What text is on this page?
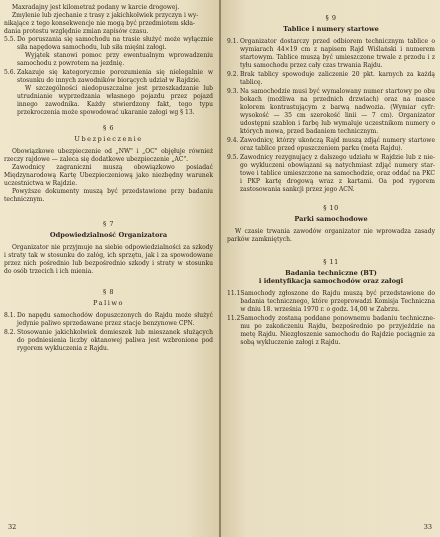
Maxradajny jest kilometraż podany w karcie drogowej.

Zmylenie lub zjechanie z trasy z jakichkolwiek przyczyn i wy-

nikające z tego konsekwencje nie mogą być przedmiotem skła-

dania protestu względnie zmian zapisów czasu.

5.5. Do poruszania się samochodu na trasie służyć może wyłącznie siła napędowa samochodu, lub siła mięśni załogi.

Wyjątek stanowi pomoc przy ewentualnym wprowadzeniu samochodu z powrotem na jezdnię.

5.6. Zakazuje się kategorycznie porozumienia się nielegalnie w stosunku do innych zawodników biorących udział w Rajdzie.

W szczególności niedopuszczalne jest przeszkadzanie lub utrudnianie wyprzedzania własnego pojazdu przez pojazd innego zawodnika. Każdy stwierdzony fakt, tego typu przekroczenia może spowodować ukaranie załogi wg § 13.

§ 6
Ubezpieczenie

Obowiązkowe ubezpieczenie od „NW" i „OC" objęłuje również rzeczy rajdowe — zaleca się dodatkowe ubezpieczenie „AC".

Zawodnicy zagraniczni muszą obowiązkowo posiadać Międzynarodową Kartę Ubezpieczeniową jako niezbędny warunek uczestnictwa w Rajdzie.

Powyższe dokumenty muszą być przedstawione przy badaniu technicznym.

§ 7
Odpowiedzialność Organizatora

Organizator nie przyjmuje na siebie odpowiedzialności za szkody i straty tak w stosunku do załóg, ich sprzętu, jak i za spowodowane przez nich pośrednio lub bezpośrednio szkody i straty w stosunku do osób trzecich i ich mienia.

§ 8
Paliwo
8.1. Do napędu samochodów dopuszczonych do Rajdu może służyć jedynie paliwo sprzedawane przez stacje benzynowe CPN.
8.2. Stosowanie jakichkolwiek domieszek lub mieszanek służących do podniesienia liczby oktanowej paliwa jest wzbronione pod rygorem wykluczenia z Rajdu.
32
§ 9
Tablice i numery startowe
9.1. Organizator dostarczy przed odbiorem technicznym tablice o wymiarach 44×19 cm z napisem Rajd Wiślański i numerem startowym. Tablice muszą być umieszczone trwale z przodu i z tyłu samochodu przez cały czas trwania Rajdu.
9.2. Brak tablicy spowoduje zaliczenie 20 pkt. karnych za każdą tablicę.
9.3. Na samochodzie musi być wymalowany numer startowy po obu bokach (możliwa na przednich drzwiach) oraz na masce kolorem kontrastującym z barwą nadwozia. (Wymiar cyfr: wysokość — 35 cm szerokość linii — 7 cm). Organizator udostępni szablon i farbę lub wymaluje uczestnikom numery o których mowa, przed badaniem technicznym.
9.4. Zawodnicy, którzy ukończą Rajd muszą zdjąć numery startowe oraz tablice przed opuszczeniem parku (meta Rajdu).
9.5. Zawodnicy rezygnujący z dalszego udziału w Rajdzie lub z niego wykluczeni obowiązani są natychmiast zdjąć numery startowe i tablice umieszczone na samochodzie, oraz oddać na PKC i PKP kartę drogową wraz z kartami. Oa pod rygorem zastosowania sankcji przez jego ACN.
§ 10
Parki samochodowe

W czasie trwania zawodów organizator nie wprowadza zasady parków zamkniętych.

§ 11
Badania techniczne (BT)
i identyfikacja samochodów oraz załogi
11.1 Samochody zgłoszone do Rajdu muszą być przedstawione do badania technicznego, które przeprowadzi Komisja Techniczna w dniu 18. września 1970 r. o godz. 14,00 w Zabrzu.
11.2 Samochody zostaną poddane ponownemu badaniu technicznemu po zakończeniu Rajdu, bezpośrednio po przyjeździe na metę Rajdu. Niezgłoszenie samochodu do Rajdzie pociągnie za sobą wykluczenie załogi z Rajdu.
33
